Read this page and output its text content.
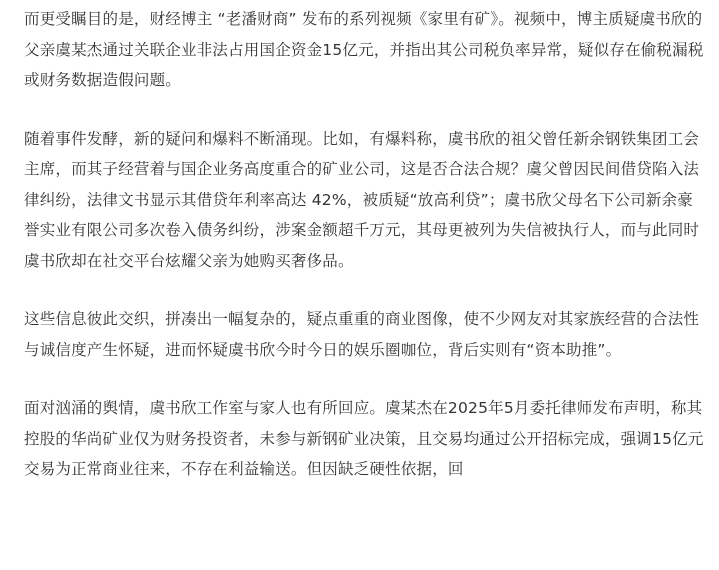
而更受瞩目的是，财经博主 “老潘财商” 发布的系列视频《家里有矿》。视频中，博主质疑虞书欣的父亲虞某杰通过关联企业非法占用国企资金15亿元，并指出其公司税负率异常，疑似存在偷税漏税或财务数据造假问题。

随着事件发酵，新的疑问和爆料不断涌现。比如，有爆料称，虞书欣的祖父曾任新余钢铁集团工会主席，而其子经营着与国企业务高度重合的矿业公司，这是否合法合规？虞父曾因民间借贷陷入法律纠纷，法律文书显示其借贷年利率高达 42%，被质疑“放高利贷”；虞书欣父母名下公司新余豪誉实业有限公司多次卷入债务纠纷，涉案金额超千万元，其母更被列为失信被执行人，而与此同时虞书欣却在社交平台炫耀父亲为她购买奢侈品。

这些信息彼此交织，拼凑出一幅复杂的，疑点重重的商业图像，使不少网友对其家族经营的合法性与诚信度产生怀疑，进而怀疑虞书欣今时今日的娱乐圈咖位，背后实则有“资本助推”。

面对汹涌的舆情，虞书欣工作室与家人也有所回应。虞某杰在2025年5月委托律师发布声明，称其控股的华尚矿业仅为财务投资者，未参与新钢矿业决策，且交易均通过公开招标完成，强调15亿元交易为正常商业往来，不存在利益输送。但因缺乏硬性依据，回
